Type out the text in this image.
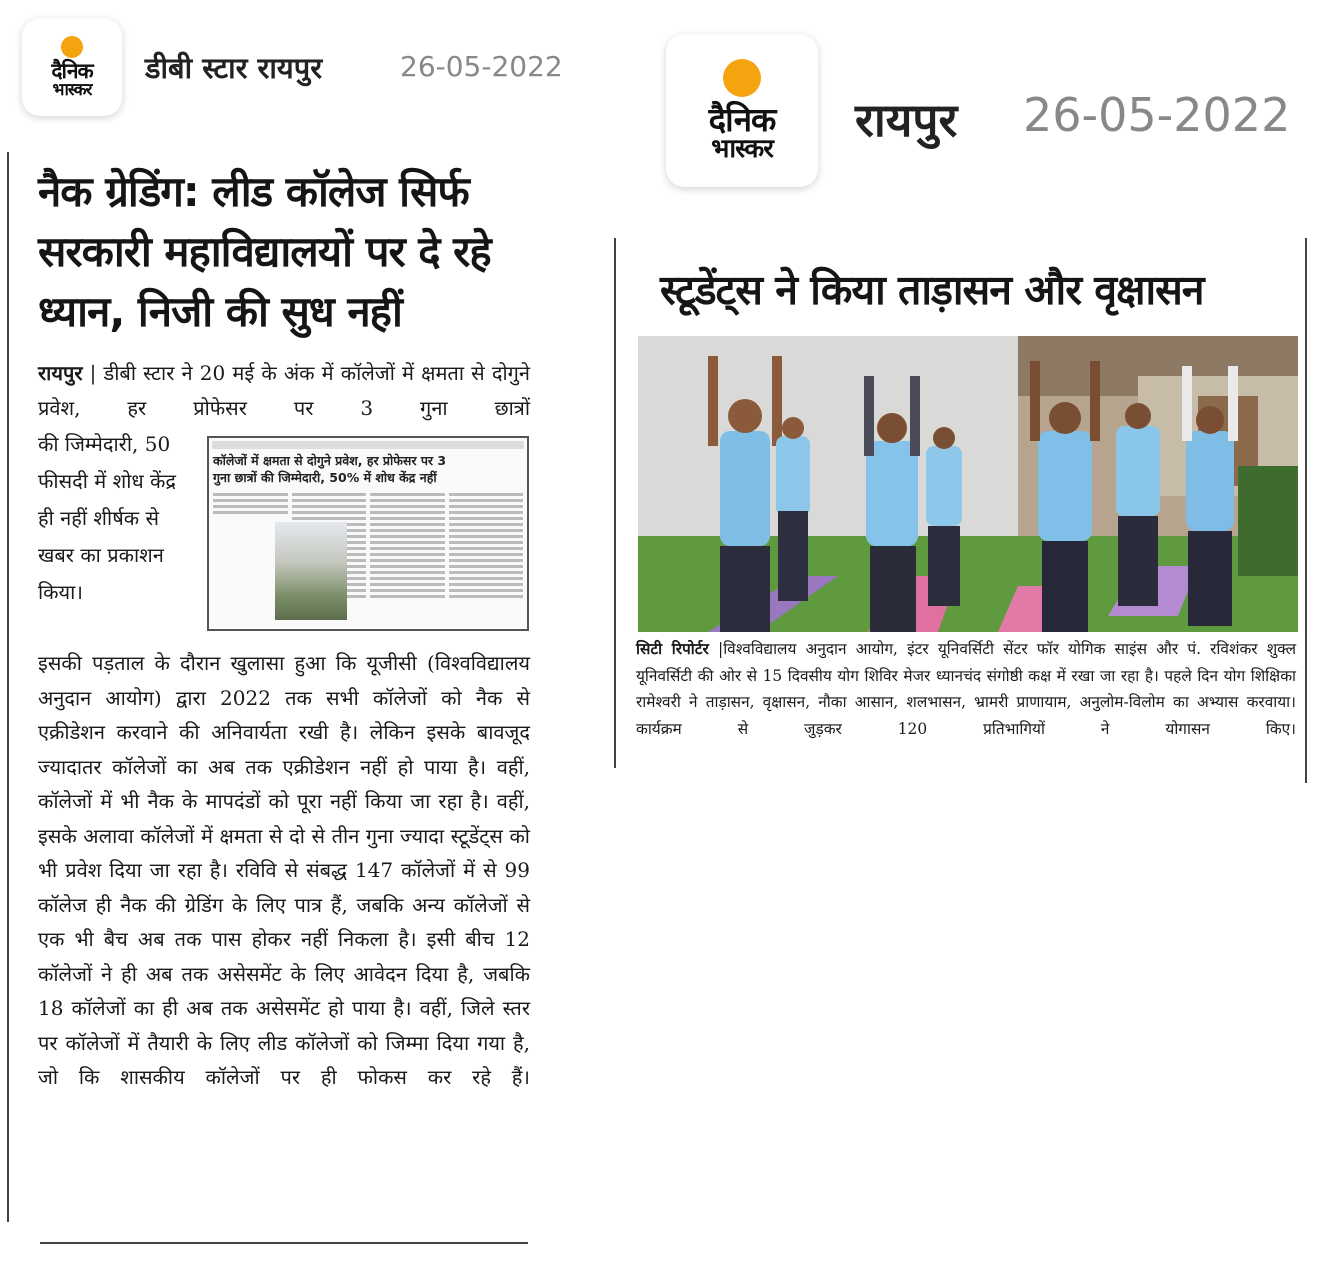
दैनिक
भास्कर
डीबी स्टार रायपुर	26-05-2022
नैक ग्रेडिंग: लीड कॉलेज सिर्फ सरकारी महाविद्यालयों पर दे रहे ध्यान, निजी की सुध नहीं
रायपुर | डीबी स्टार ने 20 मई के अंक में कॉलेजों में क्षमता से दोगुने प्रवेश, हर प्रोफेसर पर 3 गुना छात्रों
की जिम्मेदारी, 50 फीसदी में शोध केंद्र ही नहीं शीर्षक से खबर का प्रकाशन किया।
कॉलेजों में क्षमता से दोगुने प्रवेश, हर प्रोफेसर पर 3
गुना छात्रों की जिम्मेदारी, 50% में शोध केंद्र नहीं
इसकी पड़ताल के दौरान खुलासा हुआ कि यूजीसी (विश्वविद्यालय अनुदान आयोग) द्वारा 2022 तक सभी कॉलेजों को नैक से एक्रीडेशन करवाने की अनिवार्यता रखी है। लेकिन इसके बावजूद ज्यादातर कॉलेजों का अब तक एक्रीडेशन नहीं हो पाया है। वहीं, कॉलेजों में भी नैक के मापदंडों को पूरा नहीं किया जा रहा है। वहीं, इसके अलावा कॉलेजों में क्षमता से दो से तीन गुना ज्यादा स्टूडेंट्स को भी प्रवेश दिया जा रहा है। रविवि से संबद्ध 147 कॉलेजों में से 99 कॉलेज ही नैक की ग्रेडिंग के लिए पात्र हैं, जबकि अन्य कॉलेजों से एक भी बैच अब तक पास होकर नहीं निकला है। इसी बीच 12 कॉलेजों ने ही अब तक असेसमेंट के लिए आवेदन दिया है, जबकि 18 कॉलेजों का ही अब तक असेसमेंट हो पाया है। वहीं, जिले स्तर पर कॉलेजों में तैयारी के लिए लीड कॉलेजों को जिम्मा दिया गया है, जो कि शासकीय कॉलेजों पर ही फोकस कर रहे हैं।
दैनिक
भास्कर
रायपुर 26-05-2022
स्टूडेंट्स ने किया ताड़ासन और वृक्षासन
सिटी रिपोर्टर |विश्वविद्यालय अनुदान आयोग, इंटर यूनिवर्सिटी सेंटर फॉर योगिक साइंस और पं. रविशंकर शुक्ल यूनिवर्सिटी की ओर से 15 दिवसीय योग शिविर मेजर ध्यानचंद संगोष्ठी कक्ष में रखा जा रहा है। पहले दिन योग शिक्षिका रामेश्वरी ने ताड़ासन, वृक्षासन, नौका आसान, शलभासन, भ्रामरी प्राणायाम, अनुलोम-विलोम का अभ्यास करवाया। कार्यक्रम से जुड़कर 120 प्रतिभागियों ने योगासन किए।
